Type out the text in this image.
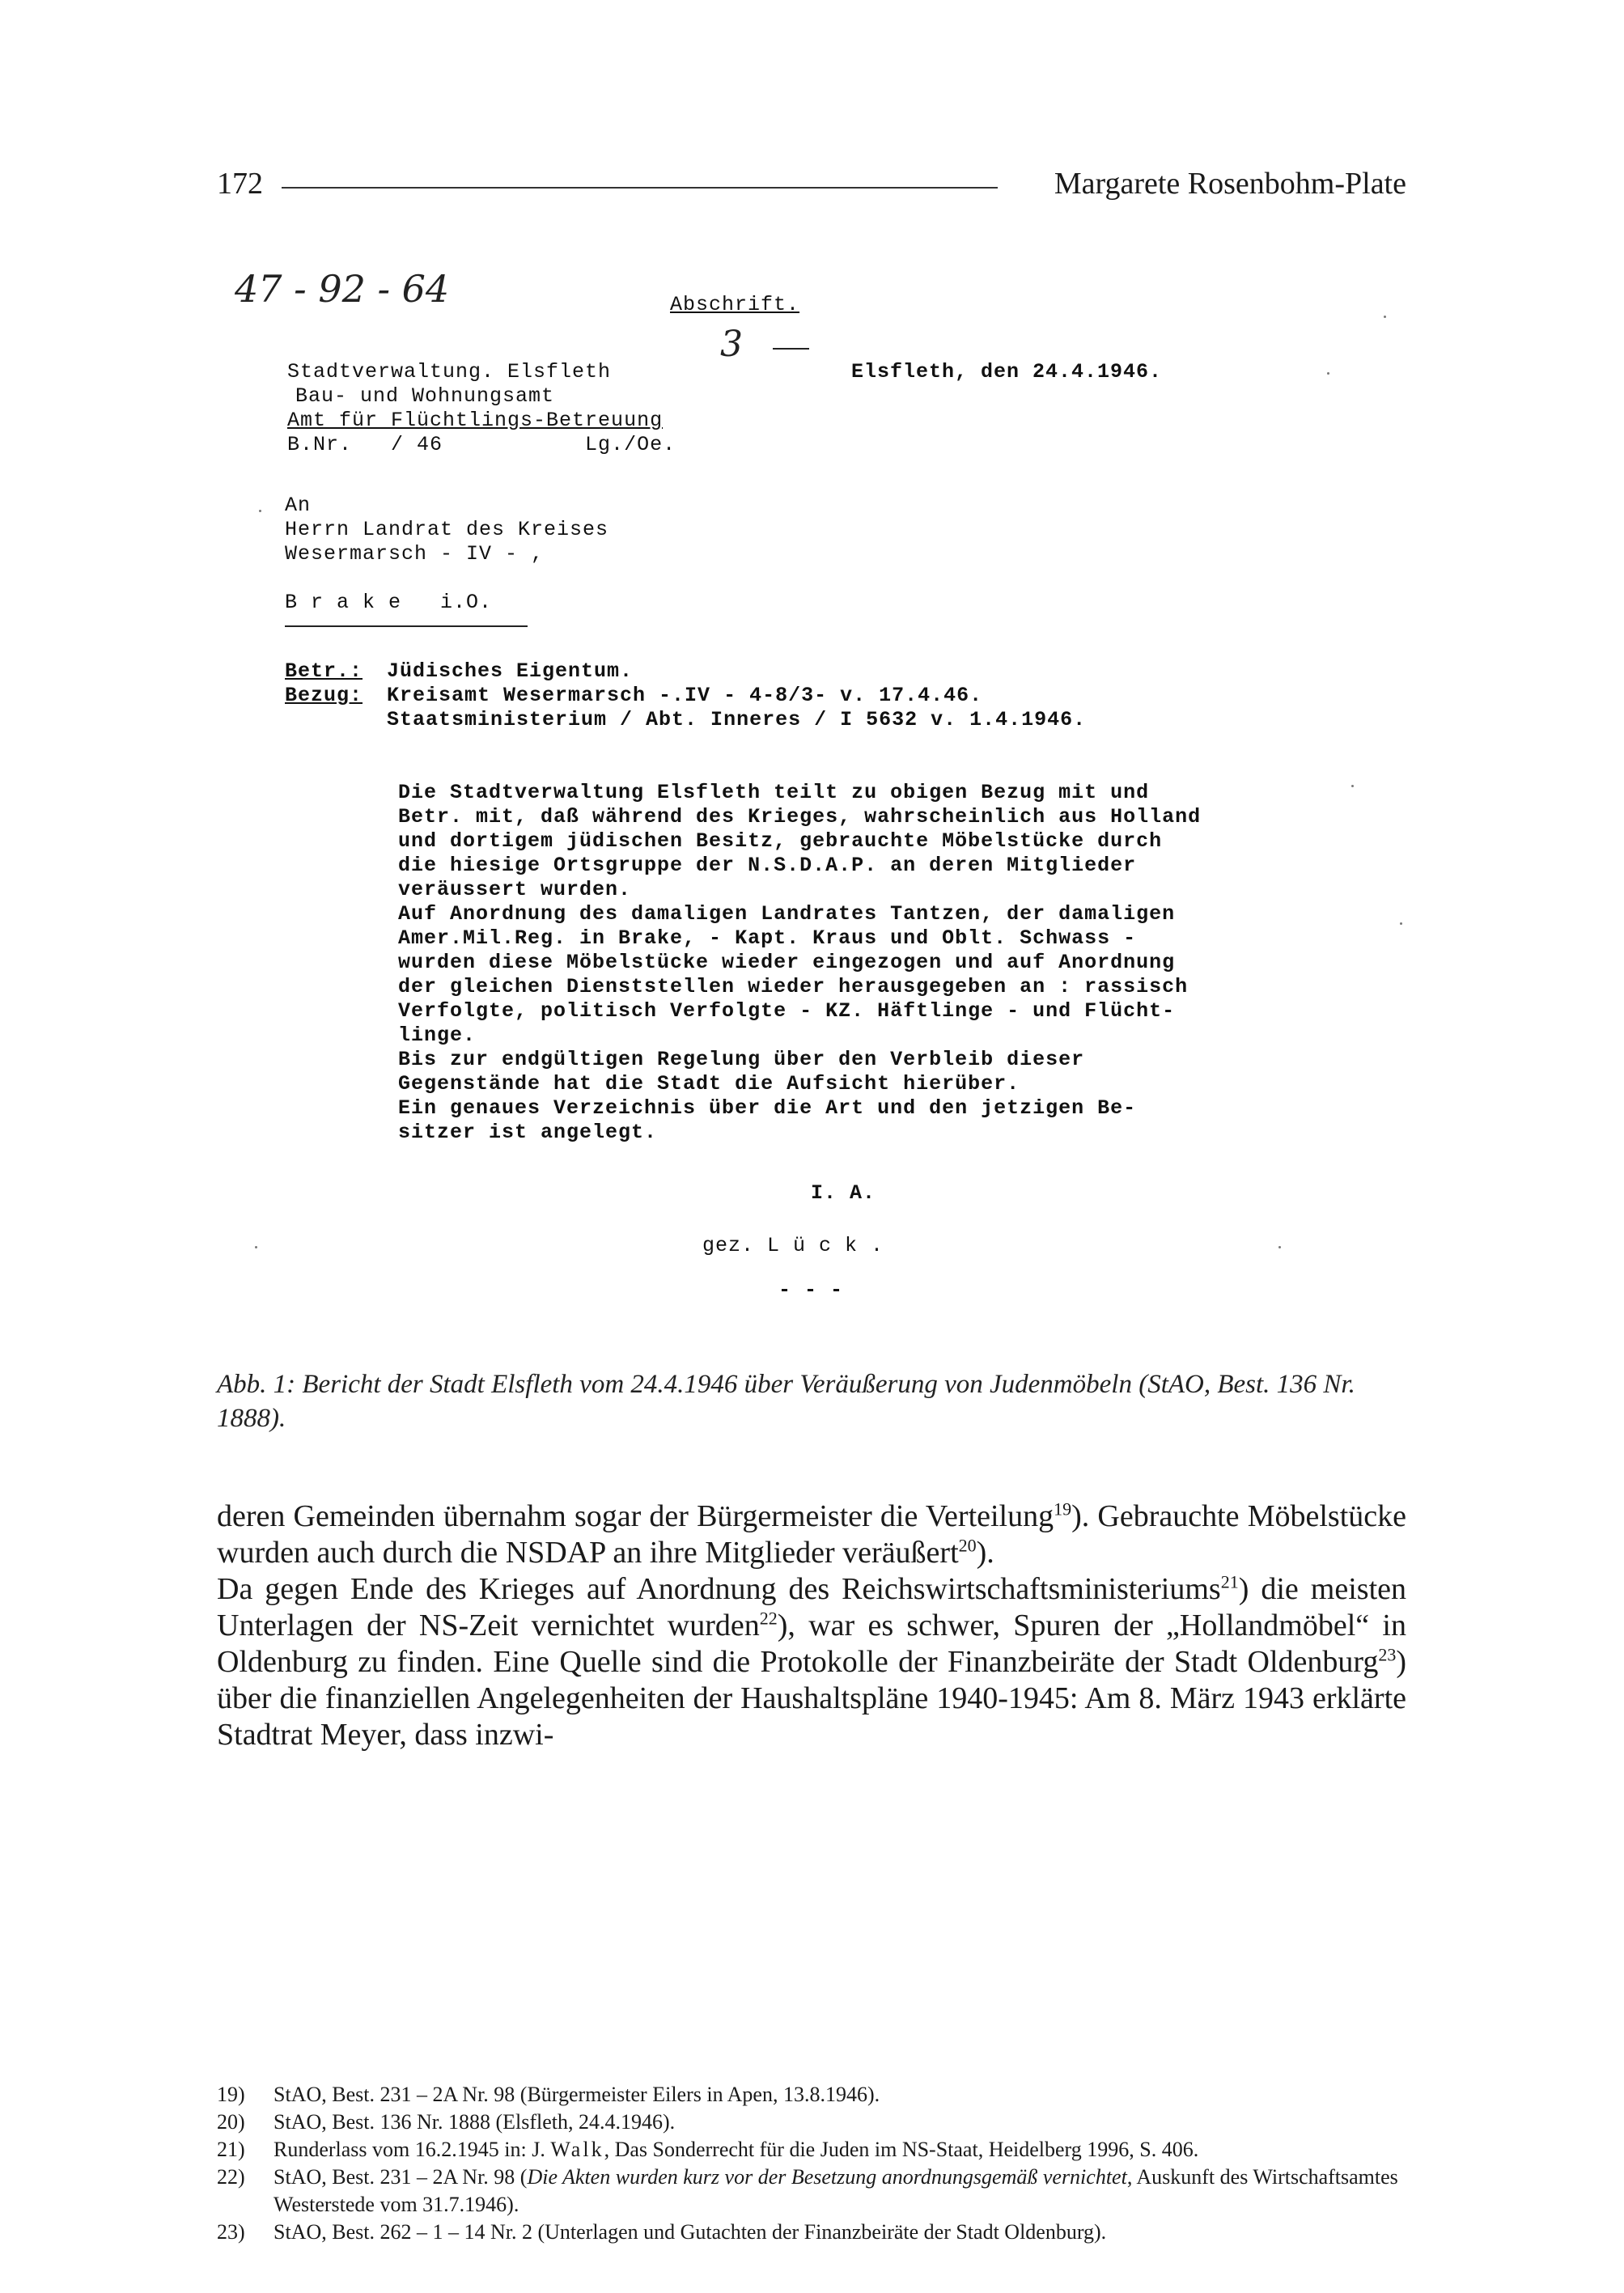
172	Margarete Rosenbohm-Plate
47 - 92 - 64	Abschrift.
3
Stadtverwaltung. Elsfleth
Bau- und Wohnungsamt
Amt für Flüchtlings-Betreuung
B.Nr.   / 46           Lg./Oe.
Elsfleth, den 24.4.1946.
An
Herrn Landrat des Kreises
Wesermarsch - IV - ,
B r a k e   i.O.
Betr.: Jüdisches Eigentum.
Bezug: Kreisamt Wesermarsch -.IV - 4-8/3- v. 17.4.46.
Staatsministerium / Abt. Inneres / I 5632 v. 1.4.1946.
Die Stadtverwaltung Elsfleth teilt zu obigen Bezug mit und
Betr. mit, daß während des Krieges, wahrscheinlich aus Holland
und dortigem jüdischen Besitz, gebrauchte Möbelstücke durch
die hiesige Ortsgruppe der N.S.D.A.P. an deren Mitglieder
veräussert wurden.
Auf Anordnung des damaligen Landrates Tantzen, der damaligen
Amer.Mil.Reg. in Brake, - Kapt. Kraus und Oblt. Schwass -
wurden diese Möbelstücke wieder eingezogen und auf Anordnung
der gleichen Dienststellen wieder herausgegeben an : rassisch
Verfolgte, politisch Verfolgte - KZ. Häftlinge - und Flücht-
linge.
Bis zur endgültigen Regelung über den Verbleib dieser
Gegenstände hat die Stadt die Aufsicht hierüber.
Ein genaues Verzeichnis über die Art und den jetzigen Be-
sitzer ist angelegt.
I. A.
gez. L ü c k .
- - -
Abb. 1: Bericht der Stadt Elsfleth vom 24.4.1946 über Veräußerung von Judenmöbeln (StAO, Best. 136 Nr. 1888).

deren Gemeinden übernahm sogar der Bürgermeister die Verteilung$^{19}$). Gebrauchte Möbelstücke wurden auch durch die NSDAP an ihre Mitglieder veräußert$^{20}$).

Da gegen Ende des Krieges auf Anordnung des Reichswirtschaftsministeriums$^{21}$) die meisten Unterlagen der NS-Zeit vernichtet wurden$^{22}$), war es schwer, Spuren der „Hollandmöbel“ in Oldenburg zu finden. Eine Quelle sind die Protokolle der Finanzbeiräte der Stadt Oldenburg$^{23}$) über die finanziellen Angelegenheiten der Haushaltspläne 1940-1945: Am 8. März 1943 erklärte Stadtrat Meyer, dass inzwi-

19)	StAO, Best. 231 – 2A Nr. 98 (Bürgermeister Eilers in Apen, 13.8.1946).
20)	StAO, Best. 136 Nr. 1888 (Elsfleth, 24.4.1946).
21)	Runderlass vom 16.2.1945 in: J. Walk, Das Sonderrecht für die Juden im NS-Staat, Heidelberg 1996, S. 406.
22)	StAO, Best. 231 – 2A Nr. 98 (Die Akten wurden kurz vor der Besetzung anordnungsgemäß vernichtet, Auskunft des Wirtschaftsamtes Westerstede vom 31.7.1946).
23)	StAO, Best. 262 – 1 – 14 Nr. 2 (Unterlagen und Gutachten der Finanzbeiräte der Stadt Oldenburg).
